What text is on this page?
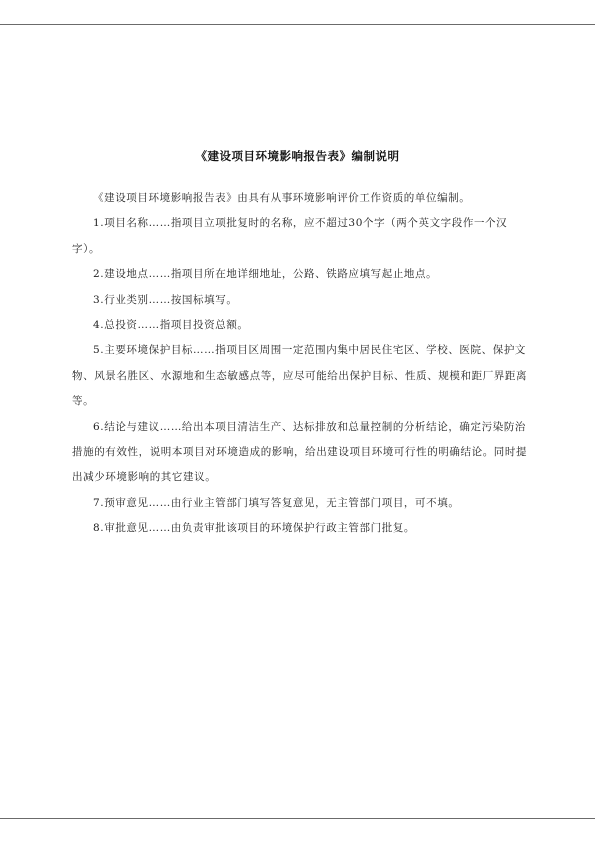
《建设项目环境影响报告表》编制说明

《建设项目环境影响报告表》由具有从事环境影响评价工作资质的单位编制。

1.项目名称……指项目立项批复时的名称，应不超过30个字（两个英文字段作一个汉字）。

2.建设地点……指项目所在地详细地址，公路、铁路应填写起止地点。

3.行业类别……按国标填写。

4.总投资……指项目投资总额。

5.主要环境保护目标……指项目区周围一定范围内集中居民住宅区、学校、医院、保护文物、风景名胜区、水源地和生态敏感点等，应尽可能给出保护目标、性质、规模和距厂界距离等。

6.结论与建议……给出本项目清洁生产、达标排放和总量控制的分析结论，确定污染防治措施的有效性，说明本项目对环境造成的影响，给出建设项目环境可行性的明确结论。同时提出减少环境影响的其它建议。

7.预审意见……由行业主管部门填写答复意见，无主管部门项目，可不填。

8.审批意见……由负责审批该项目的环境保护行政主管部门批复。
